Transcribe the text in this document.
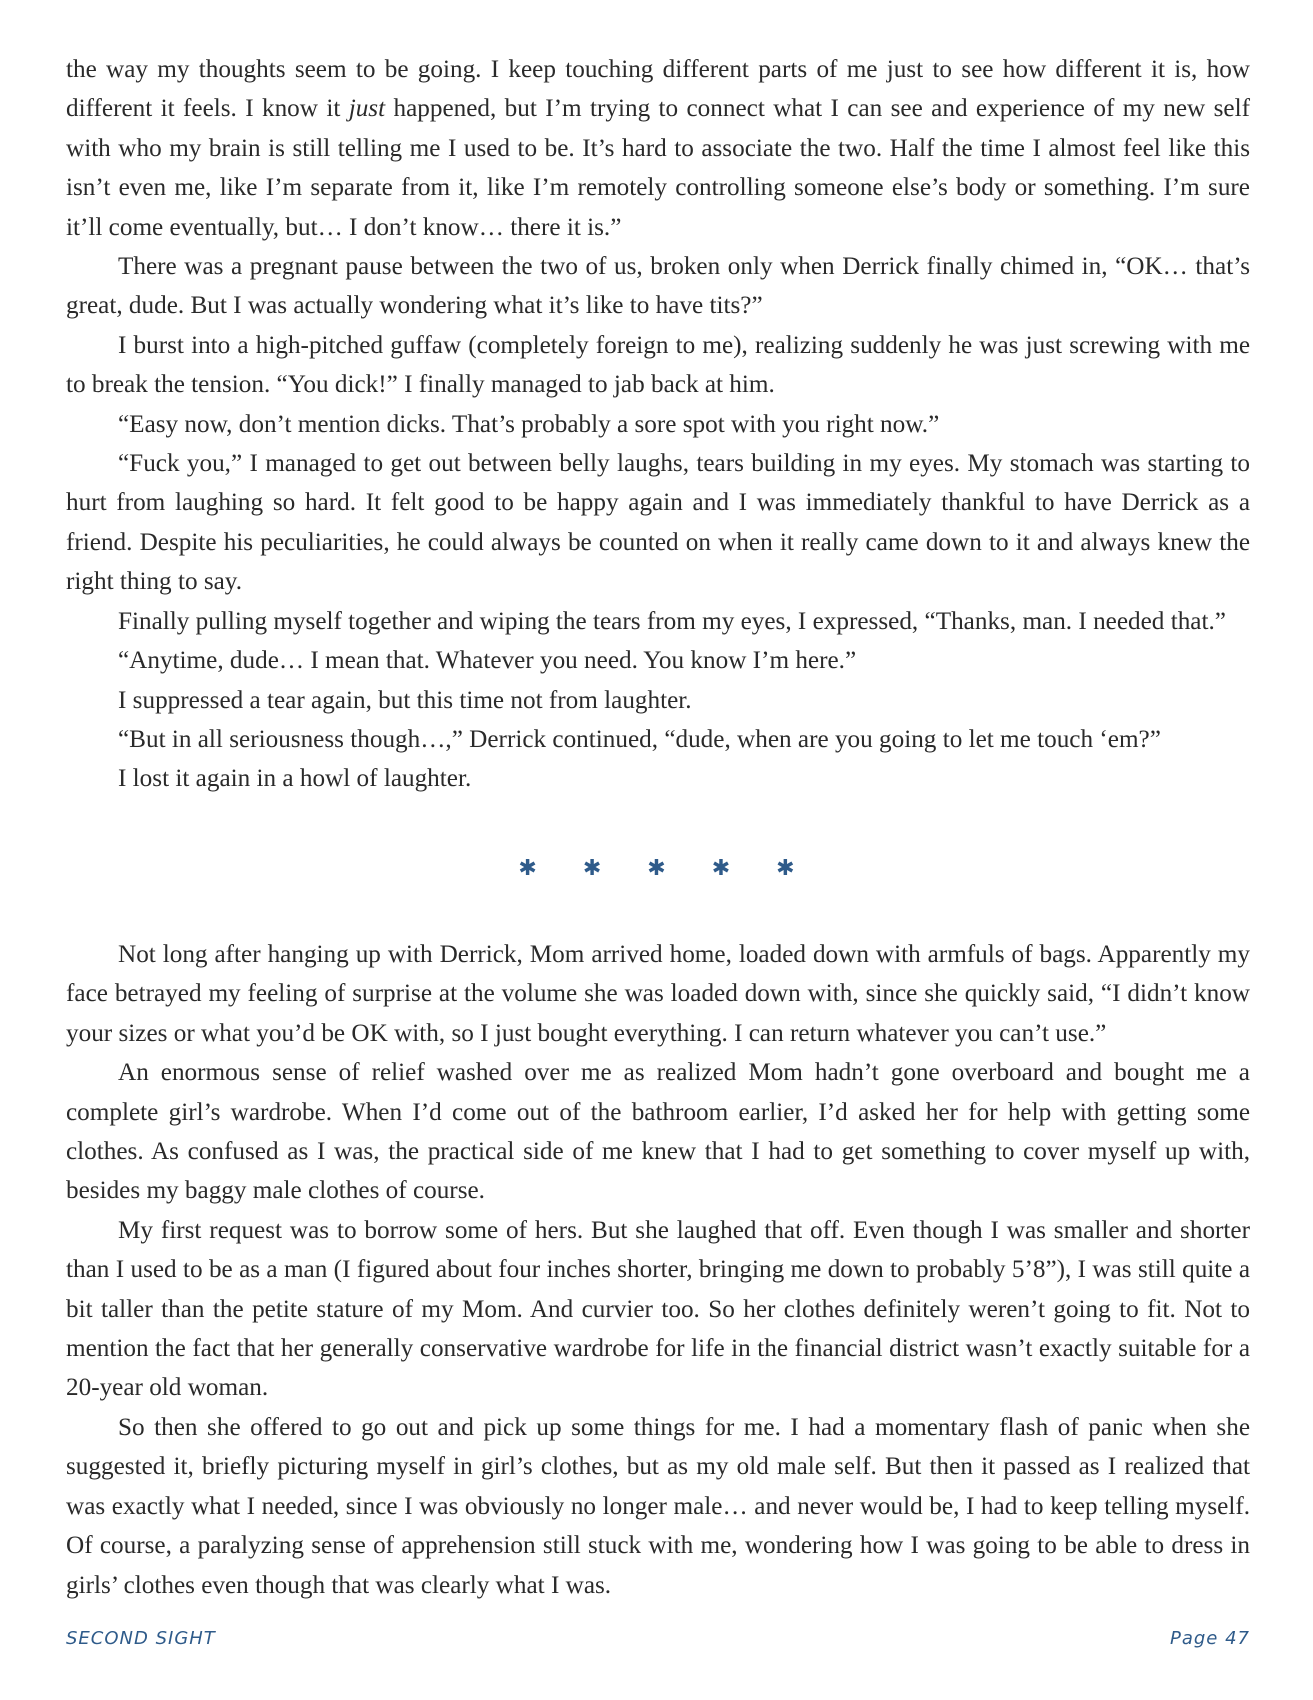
the way my thoughts seem to be going. I keep touching different parts of me just to see how different it is, how different it feels. I know it just happened, but I’m trying to connect what I can see and experience of my new self with who my brain is still telling me I used to be. It’s hard to associate the two. Half the time I almost feel like this isn’t even me, like I’m separate from it, like I’m remotely controlling someone else’s body or something. I’m sure it’ll come eventually, but… I don’t know… there it is.”

There was a pregnant pause between the two of us, broken only when Derrick finally chimed in, “OK… that’s great, dude. But I was actually wondering what it’s like to have tits?”

I burst into a high-pitched guffaw (completely foreign to me), realizing suddenly he was just screwing with me to break the tension. “You dick!” I finally managed to jab back at him.

“Easy now, don’t mention dicks. That’s probably a sore spot with you right now.”

“Fuck you,” I managed to get out between belly laughs, tears building in my eyes. My stomach was starting to hurt from laughing so hard. It felt good to be happy again and I was immediately thankful to have Derrick as a friend. Despite his peculiarities, he could always be counted on when it really came down to it and always knew the right thing to say.

Finally pulling myself together and wiping the tears from my eyes, I expressed, “Thanks, man. I needed that.”

“Anytime, dude… I mean that. Whatever you need. You know I’m here.”

I suppressed a tear again, but this time not from laughter.

“But in all seriousness though…,” Derrick continued, “dude, when are you going to let me touch ‘em?”

I lost it again in a howl of laughter.

✱✱✱✱✱

Not long after hanging up with Derrick, Mom arrived home, loaded down with armfuls of bags. Apparently my face betrayed my feeling of surprise at the volume she was loaded down with, since she quickly said, “I didn’t know your sizes or what you’d be OK with, so I just bought everything. I can return whatever you can’t use.”

An enormous sense of relief washed over me as realized Mom hadn’t gone overboard and bought me a complete girl’s wardrobe. When I’d come out of the bathroom earlier, I’d asked her for help with getting some clothes. As confused as I was, the practical side of me knew that I had to get something to cover myself up with, besides my baggy male clothes of course.

My first request was to borrow some of hers. But she laughed that off. Even though I was smaller and shorter than I used to be as a man (I figured about four inches shorter, bringing me down to probably 5’8”), I was still quite a bit taller than the petite stature of my Mom. And curvier too. So her clothes definitely weren’t going to fit. Not to mention the fact that her generally conservative wardrobe for life in the financial district wasn’t exactly suitable for a 20-year old woman.

So then she offered to go out and pick up some things for me. I had a momentary flash of panic when she suggested it, briefly picturing myself in girl’s clothes, but as my old male self. But then it passed as I realized that was exactly what I needed, since I was obviously no longer male… and never would be, I had to keep telling myself. Of course, a paralyzing sense of apprehension still stuck with me, wondering how I was going to be able to dress in girls’ clothes even though that was clearly what I was.

SECOND SIGHT	Page 47
